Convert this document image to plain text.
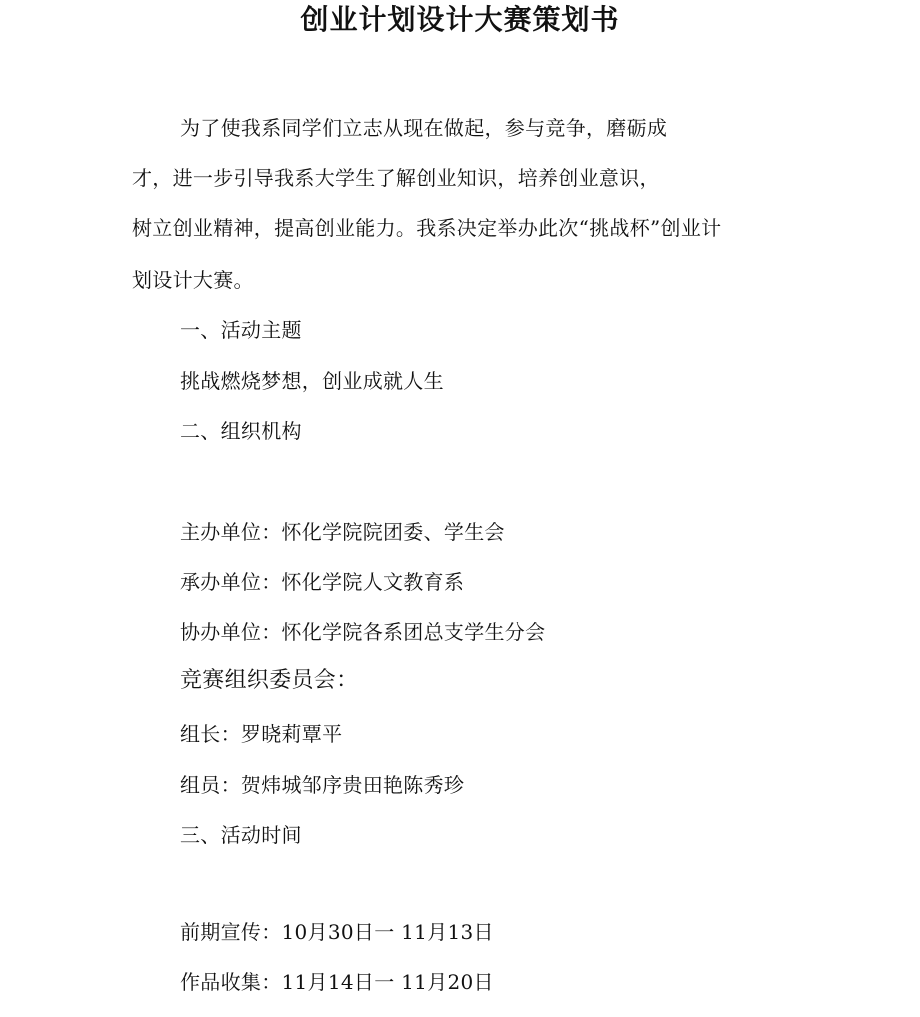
创业计划设计大赛策划书

为了使我系同学们立志从现在做起，参与竞争，磨砺成

才，进一步引导我系大学生了解创业知识，培养创业意识，

树立创业精神，提高创业能力。我系决定举办此次“挑战杯”创业计

划设计大赛。

一、活动主题

挑战燃烧梦想，创业成就人生

二、组织机构

主办单位：怀化学院院团委、学生会

承办单位：怀化学院人文教育系

协办单位：怀化学院各系团总支学生分会

竞赛组织委员会：

组长：罗晓莉覃平

组员：贺炜城邹序贵田艳陈秀珍

三、活动时间

前期宣传：10月30日一 11月13日

作品收集：11月14日一 11月20日
